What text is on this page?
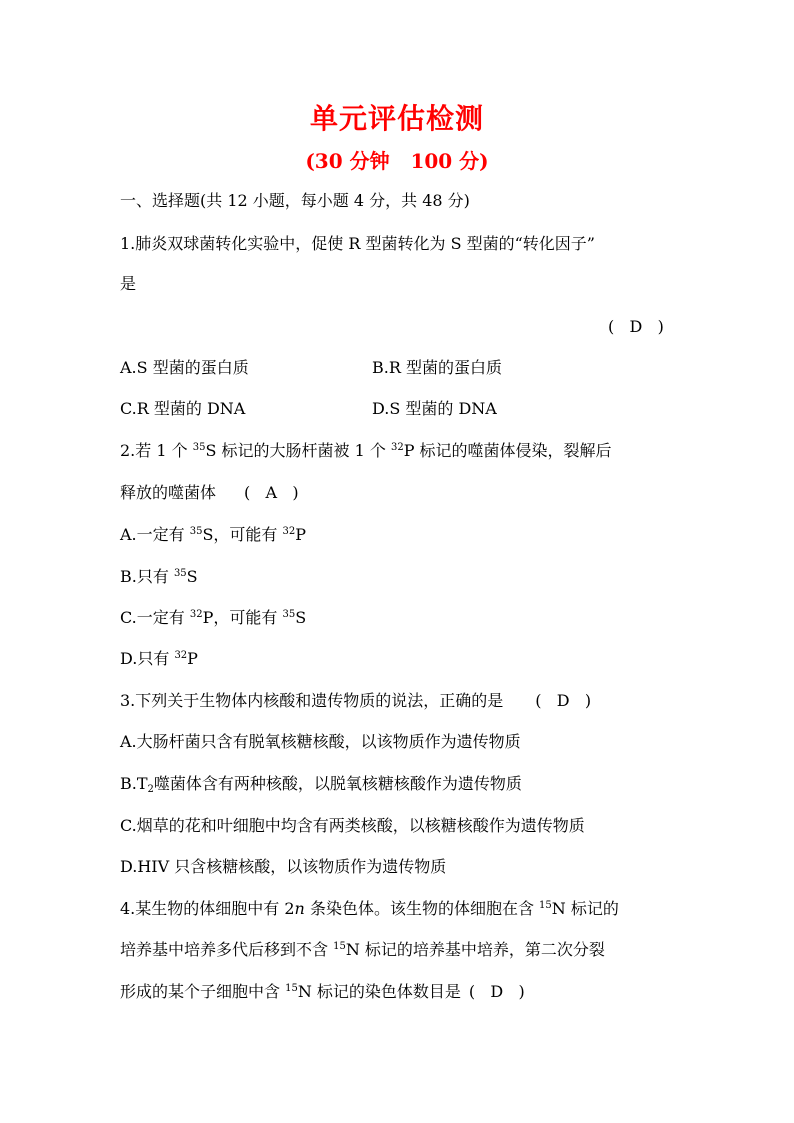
单元评估检测
(30 分钟   100 分)
一、选择题(共 12 小题，每小题 4 分，共 48 分)
1.肺炎双球菌转化实验中，促使 R 型菌转化为 S 型菌的“转化因子”
是
(   D   )
A.S 型菌的蛋白质	B.R 型菌的蛋白质
C.R 型菌的 DNA	D.S 型菌的 DNA
2.若 1 个 $^{35}$S 标记的大肠杆菌被 1 个 $^{32}$P 标记的噬菌体侵染，裂解后
释放的噬菌体 (   A   )
A.一定有 $^{35}$S，可能有 $^{32}$P
B.只有 $^{35}$S
C.一定有 $^{32}$P，可能有 $^{35}$S
D.只有 $^{32}$P
3.下列关于生物体内核酸和遗传物质的说法，正确的是 (   D   )
A.大肠杆菌只含有脱氧核糖核酸，以该物质作为遗传物质
$B.T_2$噬菌体含有两种核酸，以脱氧核糖核酸作为遗传物质
C.烟草的花和叶细胞中均含有两类核酸，以核糖核酸作为遗传物质
D.HIV 只含核糖核酸，以该物质作为遗传物质
4.某生物的体细胞中有 2n 条染色体。该生物的体细胞在含 $^{15}$N 标记的
培养基中培养多代后移到不含 $^{15}$N 标记的培养基中培养，第二次分裂
形成的某个子细胞中含 $^{15}$N 标记的染色体数目是 (   D   )
